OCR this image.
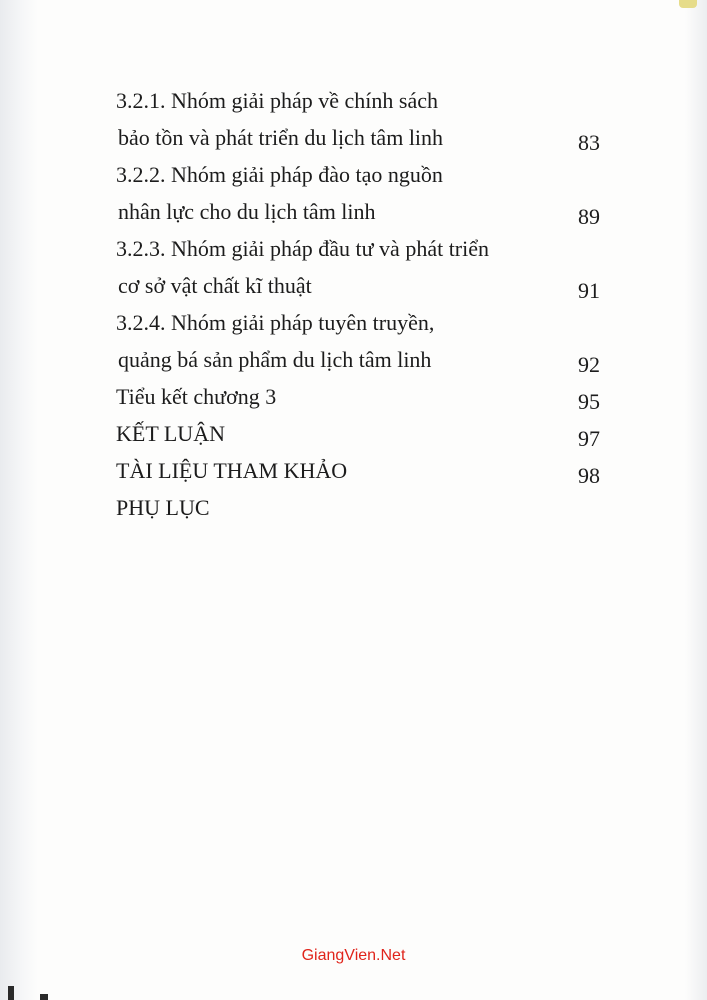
3.2.1. Nhóm giải pháp về chính sách
bảo tồn và phát triển du lịch tâm linh	83
3.2.2. Nhóm giải pháp đào tạo nguồn
nhân lực cho du lịch tâm linh	89
3.2.3. Nhóm giải pháp đầu tư và phát triển
cơ sở vật chất kĩ thuật	91
3.2.4. Nhóm giải pháp tuyên truyền,
quảng bá sản phẩm du lịch tâm linh	92
Tiểu kết chương 3	95
KẾT LUẬN	97
TÀI LIỆU THAM KHẢO	98
PHỤ LỤC
GiangVien.Net
